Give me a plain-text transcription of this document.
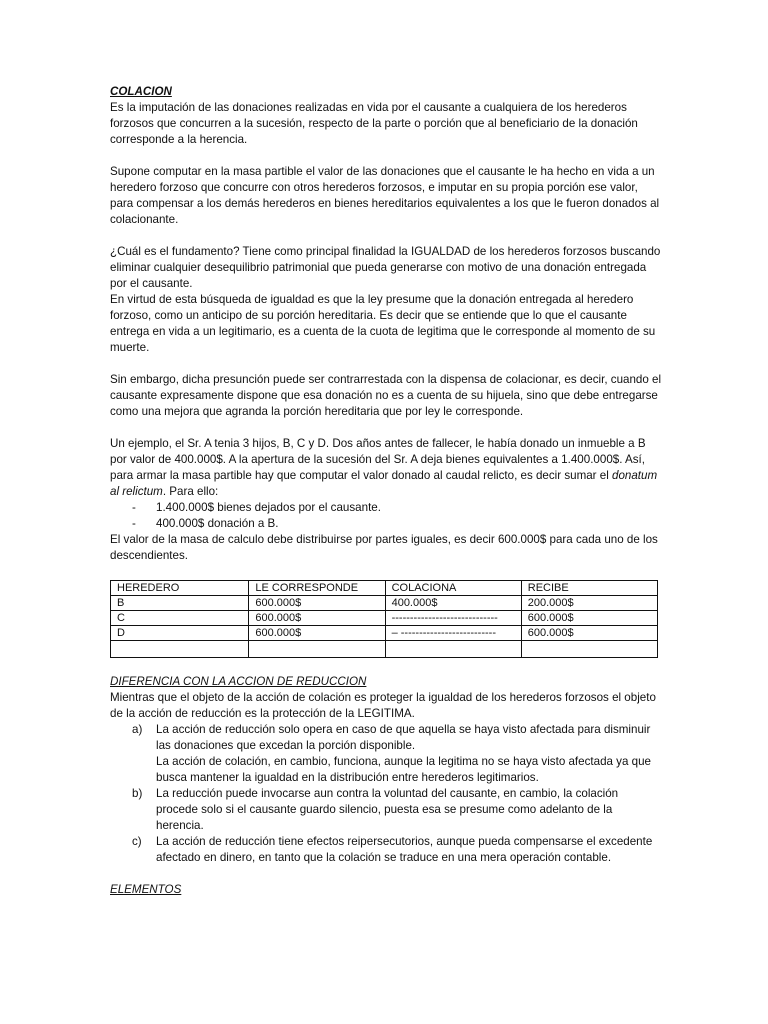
COLACION

Es la imputación de las donaciones realizadas en vida por el causante a cualquiera de los herederos forzosos que concurren a la sucesión, respecto de la parte o porción que al beneficiario de la donación corresponde a la herencia.

Supone computar en la masa partible el valor de las donaciones que el causante le ha hecho en vida a un heredero forzoso que concurre con otros herederos forzosos, e imputar en su propia porción ese valor, para compensar a los demás herederos en bienes hereditarios equivalentes a los que le fueron donados al colacionante.

¿Cuál es el fundamento? Tiene como principal finalidad la IGUALDAD de los herederos forzosos buscando eliminar cualquier desequilibrio patrimonial que pueda generarse con motivo de una donación entregada por el causante.

En virtud de esta búsqueda de igualdad es que la ley presume que la donación entregada al heredero forzoso, como un anticipo de su porción hereditaria. Es decir que se entiende que lo que el causante entrega en vida a un legitimario, es a cuenta de la cuota de legitima que le corresponde al momento de su muerte.

Sin embargo, dicha presunción puede ser contrarrestada con la dispensa de colacionar, es decir, cuando el causante expresamente dispone que esa donación no es a cuenta de su hijuela, sino que debe entregarse como una mejora que agranda la porción hereditaria que por ley le corresponde.

Un ejemplo, el Sr. A tenia 3 hijos, B, C y D. Dos años antes de fallecer, le había donado un inmueble a B por valor de 400.000$. A la apertura de la sucesión del Sr. A deja bienes equivalentes a 1.400.000$. Así, para armar la masa partible hay que computar el valor donado al caudal relicto, es decir sumar el donatum al relictum. Para ello:

- 1.400.000$ bienes dejados por el causante.
- 400.000$ donación a B.

El valor de la masa de calculo debe distribuirse por partes iguales, es decir 600.000$ para cada uno de los descendientes.

HEREDERO	LE CORRESPONDE	COLACIONA	RECIBE
B	600.000$	400.000$	200.000$
C	600.000$	-----------------------------	600.000$
D	600.000$	– --------------------------	600.000$

DIFERENCIA CON LA ACCION DE REDUCCION

Mientras que el objeto de la acción de colación es proteger la igualdad de los herederos forzosos el objeto de la acción de reducción es la protección de la LEGITIMA.

a) La acción de reducción solo opera en caso de que aquella se haya visto afectada para disminuir las donaciones que excedan la porción disponible.
La acción de colación, en cambio, funciona, aunque la legitima no se haya visto afectada ya que busca mantener la igualdad en la distribución entre herederos legitimarios.
b) La reducción puede invocarse aun contra la voluntad del causante, en cambio, la colación procede solo si el causante guardo silencio, puesta esa se presume como adelanto de la herencia.
c) La acción de reducción tiene efectos reipersecutorios, aunque pueda compensarse el excedente afectado en dinero, en tanto que la colación se traduce en una mera operación contable.

ELEMENTOS
